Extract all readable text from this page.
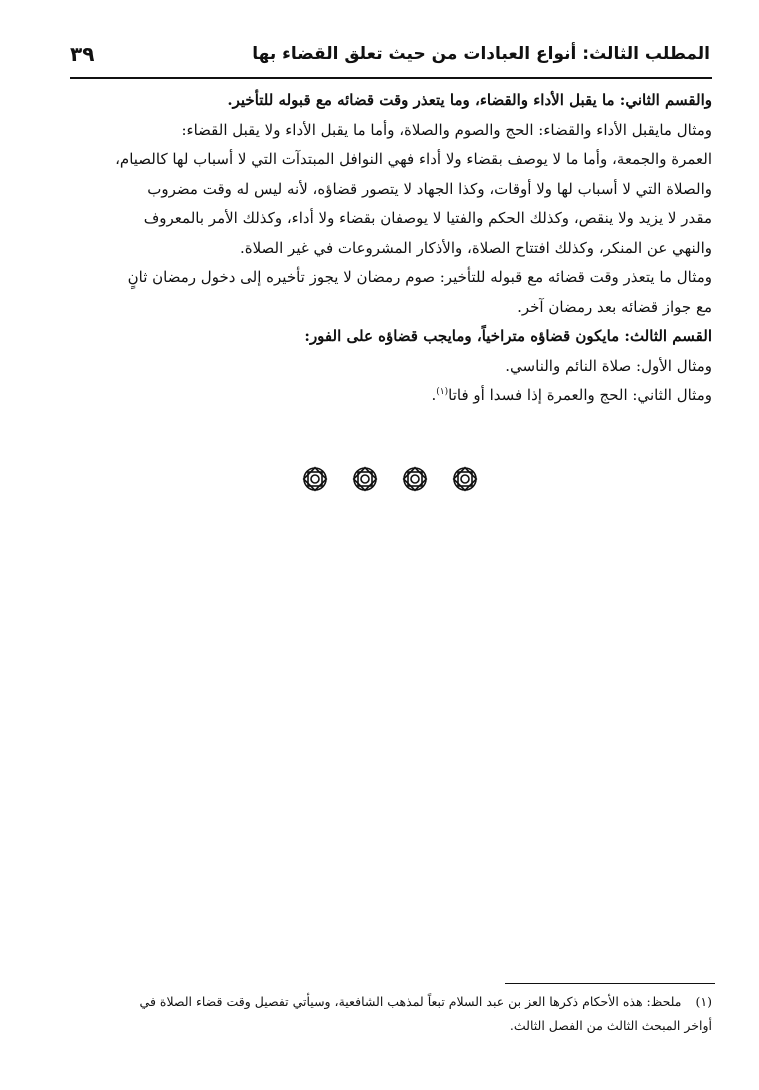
المطلب الثالث: أنواع العبادات من حيث تعلق القضاء بها
٣٩

والقسم الثاني: ما يقبل الأداء والقضاء، وما يتعذر وقت قضائه مع قبوله للتأخير.

ومثال مايقبل الأداء والقضاء: الحج والصوم والصلاة، وأما ما يقبل الأداء ولا يقبل القضاء:

العمرة والجمعة، وأما ما لا يوصف بقضاء ولا أداء فهي النوافل المبتدآت التي لا أسباب لها كالصيام،

والصلاة التي لا أسباب لها ولا أوقات، وكذا الجهاد لا يتصور قضاؤه، لأنه ليس له وقت مضروب

مقدر لا يزيد ولا ينقص، وكذلك الحكم والفتيا لا يوصفان بقضاء ولا أداء، وكذلك الأمر بالمعروف

والنهي عن المنكر، وكذلك افتتاح الصلاة، والأذكار المشروعات في غير الصلاة.

ومثال ما يتعذر وقت قضائه مع قبوله للتأخير: صوم رمضان لا يجوز تأخيره إلى دخول رمضان ثانٍ

مع جواز قضائه بعد رمضان آخر.

القسم الثالث: مايكون قضاؤه متراخياً، ومايجب قضاؤه على الفور:

ومثال الأول: صلاة النائم والناسي.

ومثال الثاني: الحج والعمرة إذا فسدا أو فاتا$^{(١)}$.

(١)ملحظ: هذه الأحكام ذكرها العز بن عبد السلام تبعاً لمذهب الشافعية، وسيأتي تفصيل وقت قضاء الصلاة في

أواخر المبحث الثالث من الفصل الثالث.
